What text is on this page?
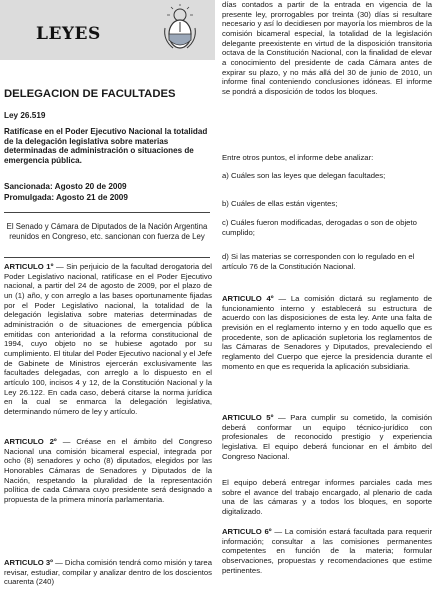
LEYES
DELEGACION DE FACULTADES
Ley 26.519
Ratifícase en el Poder Ejecutivo Nacional la totalidad de la delegación legislativa sobre materias determinadas de administración o situaciones de emergencia pública.
Sancionada: Agosto 20 de 2009
Promulgada: Agosto 21 de 2009
El Senado y Cámara de Diputados de la Nación Argentina reunidos en Congreso, etc. sancionan con fuerza de Ley
ARTICULO 1º — Sin perjuicio de la facultad derogatoria del Poder Legislativo nacional, ratifícase en el Poder Ejecutivo nacional, a partir del 24 de agosto de 2009, por el plazo de un (1) año, y con arreglo a las bases oportunamente fijadas por el Poder Legislativo nacional, la totalidad de la delegación legislativa sobre materias determinadas de administración o de situaciones de emergencia pública emitidas con anterioridad a la reforma constitucional de 1994, cuyo objeto no se hubiese agotado por su cumplimiento. El titular del Poder Ejecutivo nacional y el Jefe de Gabinete de Ministros ejercerán exclusivamente las facultades delegadas, con arreglo a lo dispuesto en el artículo 100, incisos 4 y 12, de la Constitución Nacional y la Ley 26.122. En cada caso, deberá citarse la norma jurídica en la cual se enmarca la delegación legislativa, determinando número de ley y artículo.
ARTICULO 2º — Créase en el ámbito del Congreso Nacional una comisión bicameral especial, integrada por ocho (8) senadores y ocho (8) diputados, elegidos por las Honorables Cámaras de Senadores y Diputados de la Nación, respetando la pluralidad de la representación política de cada Cámara cuyo presidente será designado a propuesta de la primera minoría parlamentaria.
ARTICULO 3º — Dicha comisión tendrá como misión y tarea revisar, estudiar, compilar y analizar dentro de los doscientos cuarenta (240)
días contados a partir de la entrada en vigencia de la presente ley, prorrogables por treinta (30) días si resultare necesario y así lo decidiesen por mayoría los miembros de la comisión bicameral especial, la totalidad de la legislación delegante preexistente en virtud de la disposición transitoria octava de la Constitución Nacional, con la finalidad de elevar a conocimiento del presidente de cada Cámara antes de expirar su plazo, y no más allá del 30 de junio de 2010, un informe final conteniendo conclusiones idóneas. El informe se pondrá a disposición de todos los bloques.
Entre otros puntos, el informe debe analizar:
a) Cuáles son las leyes que delegan facultades;
b) Cuáles de ellas están vigentes;
c) Cuáles fueron modificadas, derogadas o son de objeto cumplido;
d) Si las materias se corresponden con lo regulado en el artículo 76 de la Constitución Nacional.
ARTICULO 4º — La comisión dictará su reglamento de funcionamiento interno y establecerá su estructura de acuerdo con las disposiciones de esta ley. Ante una falta de previsión en el reglamento interno y en todo aquello que es procedente, son de aplicación supletoria los reglamentos de las Cámaras de Senadores y Diputados, prevaleciendo el reglamento del Cuerpo que ejerce la presidencia durante el momento en que es requerida la aplicación subsidiaria.
ARTICULO 5º — Para cumplir su cometido, la comisión deberá conformar un equipo técnico-jurídico con profesionales de reconocido prestigio y experiencia legislativa. El equipo deberá funcionar en el ámbito del Congreso Nacional.
El equipo deberá entregar informes parciales cada mes sobre el avance del trabajo encargado, al plenario de cada una de las cámaras y a todos los bloques, en soporte digitalizado.
ARTICULO 6º — La comisión estará facultada para requerir información; consultar a las comisiones permanentes competentes en función de la materia; formular observaciones, propuestas y recomendaciones que estime pertinentes.
